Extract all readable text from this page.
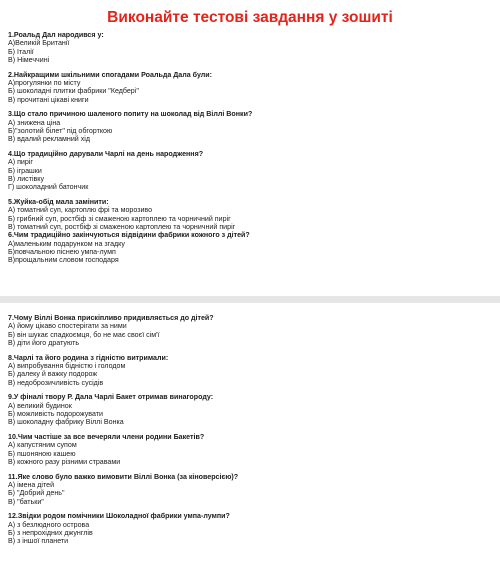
Виконайте тестові завдання у зошиті
1.Роальд Дал народився у:
А)Великій Британії
Б) Італії
В) Німеччині
2.Найкращими шкільними спогадами Роальда Дала були:
А)прогулянки по місту
Б) шоколадні плитки фабрики "Кедбері"
В) прочитані цікаві книги
3.Що стало причиною шаленого попиту на шоколад від Віллі Вонки?
А) знижена ціна
Б)"золотий білет" під обгорткою
В) вдалий рекламний хід
4.Що традиційно дарували Чарлі на день народження?
А) пиріг
Б) іграшки
В) листівку
Г) шоколадний батончик
5.Жуйка-обід мала замінити:
А) томатний суп, картоплю фрі та морозиво
Б) грибний суп, ростбіф зі смаженою картоплею та чорничний пиріг
В) томатний суп, ростбіф зі смаженою картоплею та чорничний пиріг
6.Чим традиційно закінчуються відвідини фабрики кожного з дітей?
А)маленьким подарунком на згадку
Б)повчальною піснею умпа-лумп
В)прощальним словом господаря
7.Чому Віллі Вонка прискіпливо придивляється до дітей?
А) йому цікаво спостерігати за ними
Б) він шукає спадкоємця, бо не має своєї сім'ї
В) діти його дратують
8.Чарлі та його родина з гідністю витримали:
А) випробування бідністю і голодом
Б) далеку й важку подорож
В) недоброзичливість сусідів
9.У фіналі твору Р. Дала Чарлі Бакет отримав винагороду:
А) великий будинок
Б) можливість подорожувати
В) шоколадну фабрику Віллі Вонка
10.Чим частіше за все вечеряли члени родини Бакетів?
А) капустяним супом
Б) пшоняною кашею
В) кожного разу різними стравами
11.Яке слово було важко вимовити Віллі Вонка (за кіноверсією)?
А) імена дітей
Б) "Добрий день"
В) "батьки"
12.Звідки родом помічники Шоколадної фабрики умпа-лумпи?
А) з безлюдного острова
Б) з непрохідних джунглів
В) з іншої планети
